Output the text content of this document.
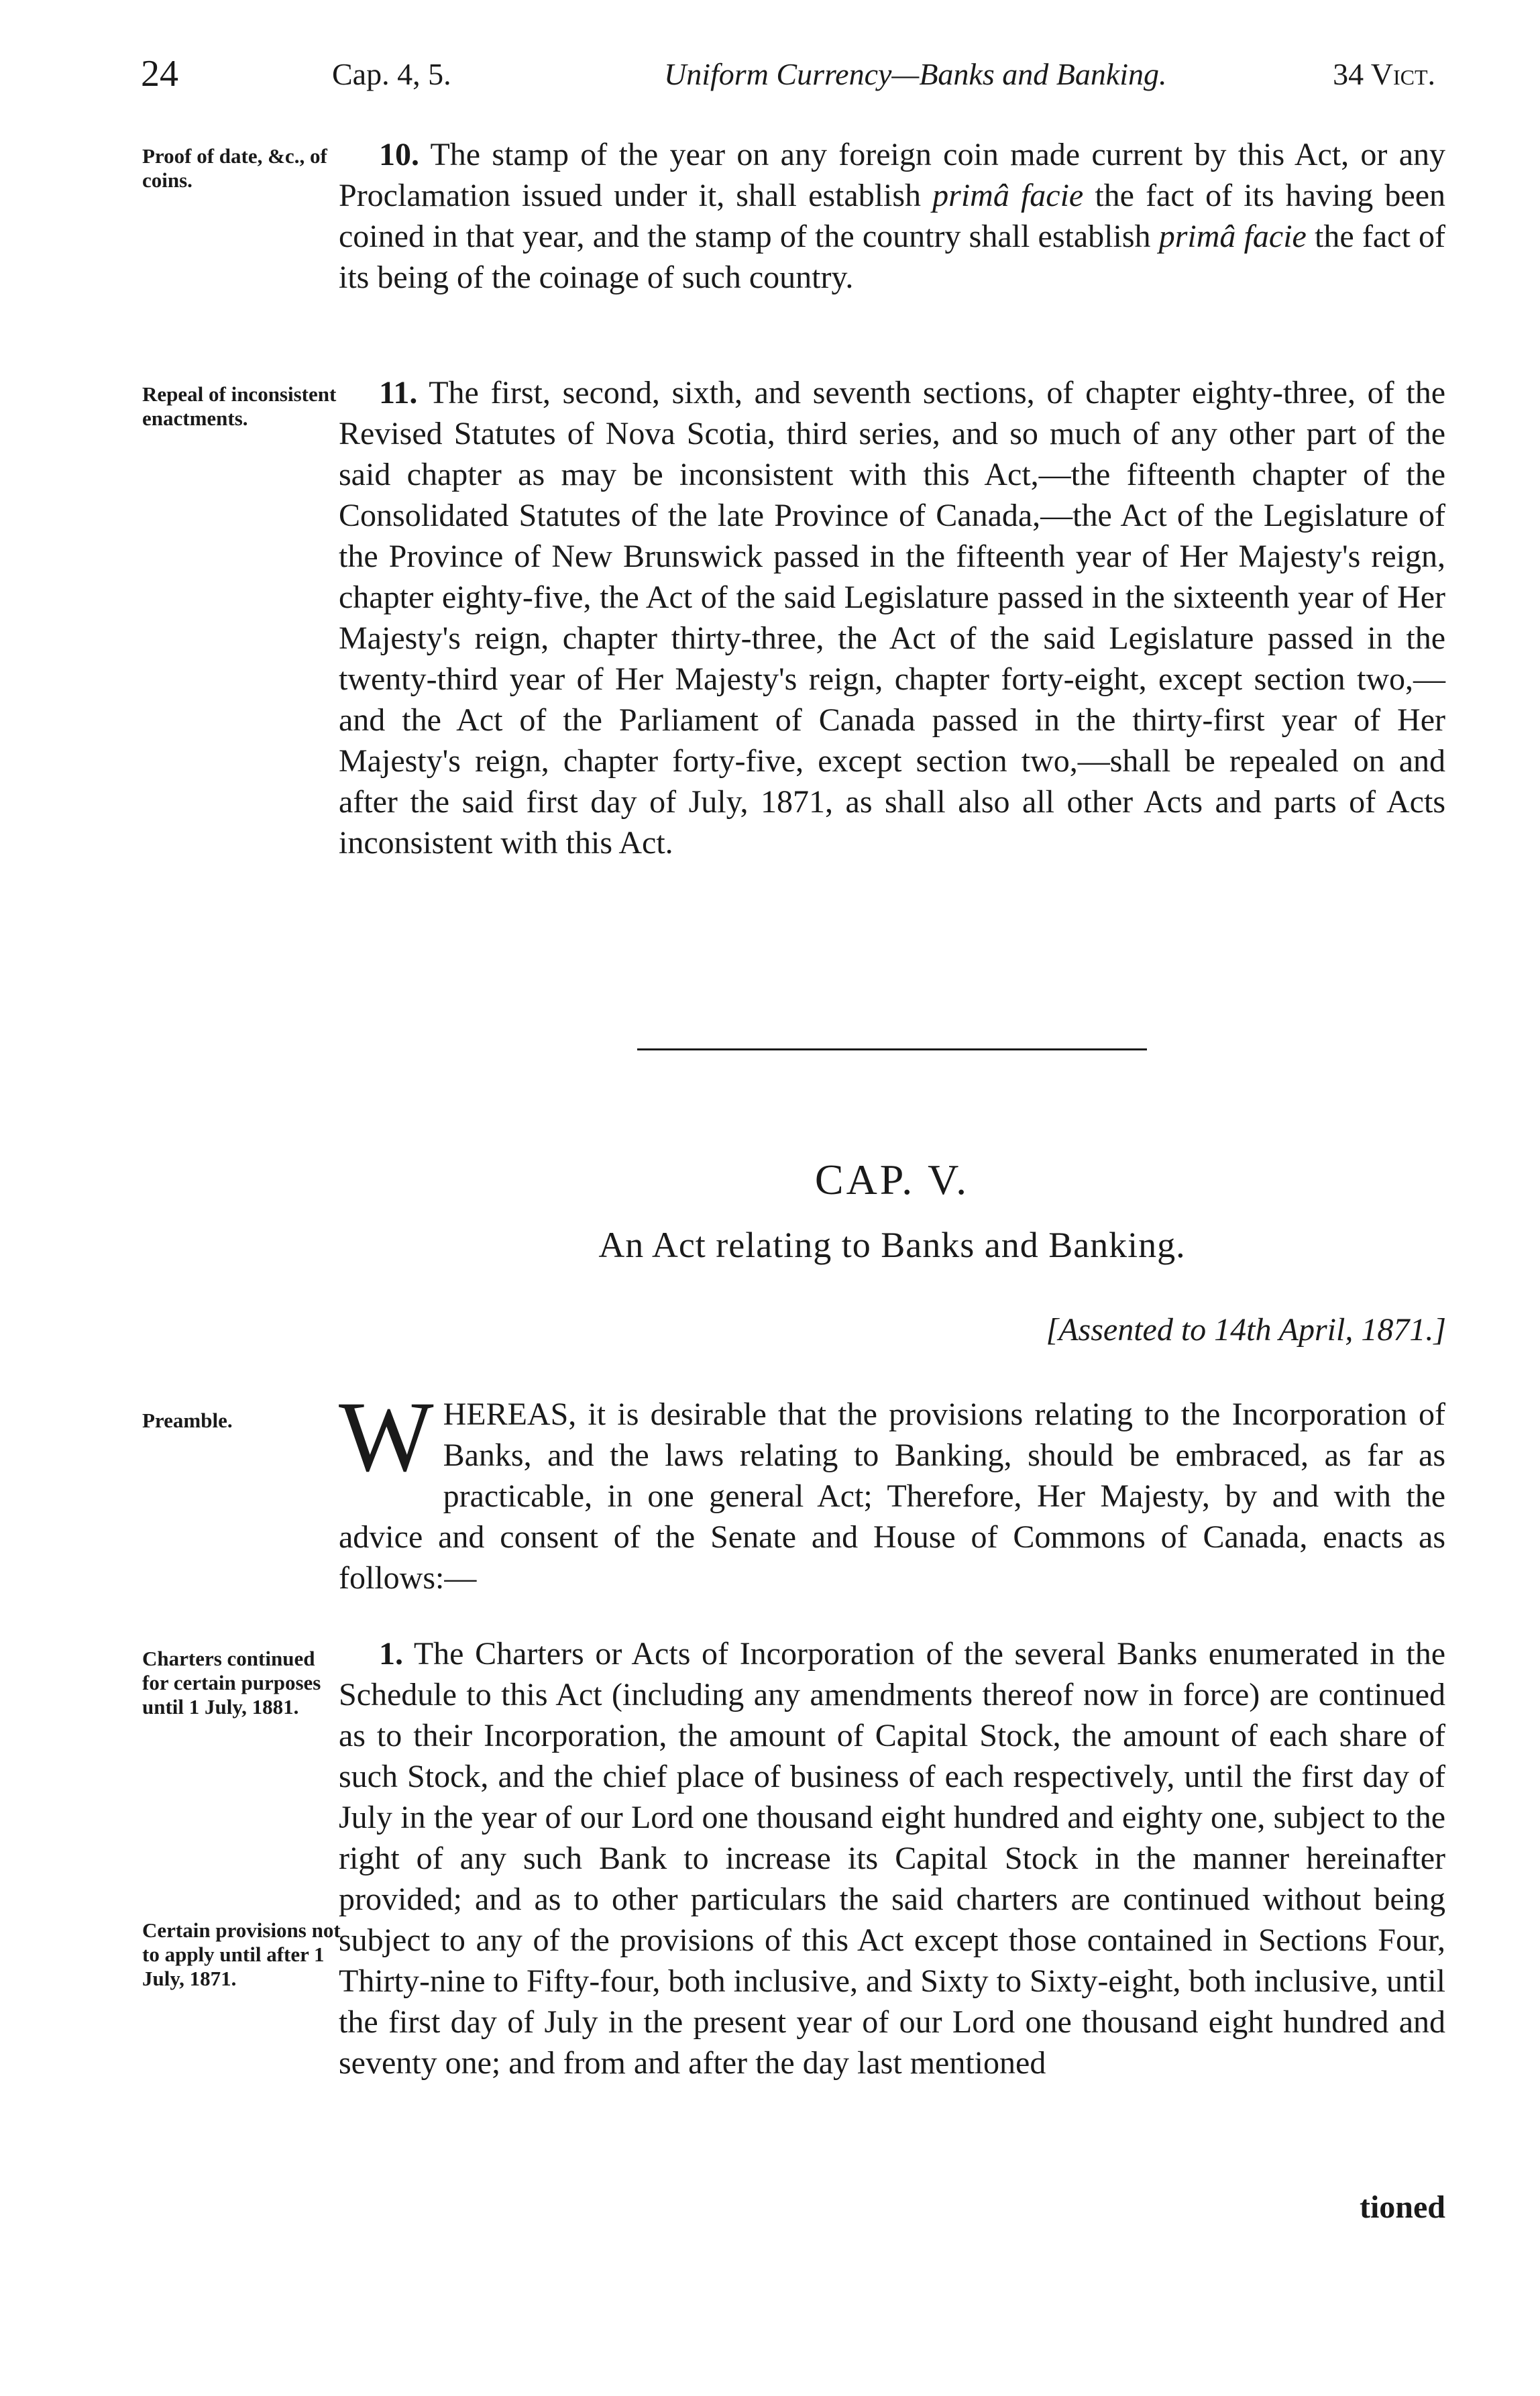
24	Cap. 4, 5.	Uniform Currency—Banks and Banking.	34 Vict.
Proof of date, &c., of coins.
Repeal of inconsistent enactments.
Preamble.
Charters continued for certain purposes until 1 July, 1881.
Certain provisions not to apply until after 1 July, 1871.

10. The stamp of the year on any foreign coin made current by this Act, or any Proclamation issued under it, shall establish primâ facie the fact of its having been coined in that year, and the stamp of the country shall establish primâ facie the fact of its being of the coinage of such country.

11. The first, second, sixth, and seventh sections, of chapter eighty-three, of the Revised Statutes of Nova Scotia, third series, and so much of any other part of the said chapter as may be inconsistent with this Act,—the fifteenth chapter of the Consolidated Statutes of the late Province of Canada,—the Act of the Legislature of the Province of New Brunswick passed in the fifteenth year of Her Majesty's reign, chapter eighty-five, the Act of the said Legislature passed in the sixteenth year of Her Majesty's reign, chapter thirty-three, the Act of the said Legislature passed in the twenty-third year of Her Majesty's reign, chapter forty-eight, except section two,—and the Act of the Parliament of Canada passed in the thirty-first year of Her Majesty's reign, chapter forty-five, except section two,—shall be repealed on and after the said first day of July, 1871, as shall also all other Acts and parts of Acts inconsistent with this Act.

CAP. V.
An Act relating to Banks and Banking.
[Assented to 14th April, 1871.]

WHEREAS, it is desirable that the provisions relating to the Incorporation of Banks, and the laws relating to Banking, should be embraced, as far as practicable, in one general Act; Therefore, Her Majesty, by and with the advice and consent of the Senate and House of Commons of Canada, enacts as follows:—

1. The Charters or Acts of Incorporation of the several Banks enumerated in the Schedule to this Act (including any amendments thereof now in force) are continued as to their Incorporation, the amount of Capital Stock, the amount of each share of such Stock, and the chief place of business of each respectively, until the first day of July in the year of our Lord one thousand eight hundred and eighty one, subject to the right of any such Bank to increase its Capital Stock in the manner hereinafter provided; and as to other particulars the said charters are continued without being subject to any of the provisions of this Act except those contained in Sections Four, Thirty-nine to Fifty-four, both inclusive, and Sixty to Sixty-eight, both inclusive, until the first day of July in the present year of our Lord one thousand eight hundred and seventy one; and from and after the day last mentioned

tioned
